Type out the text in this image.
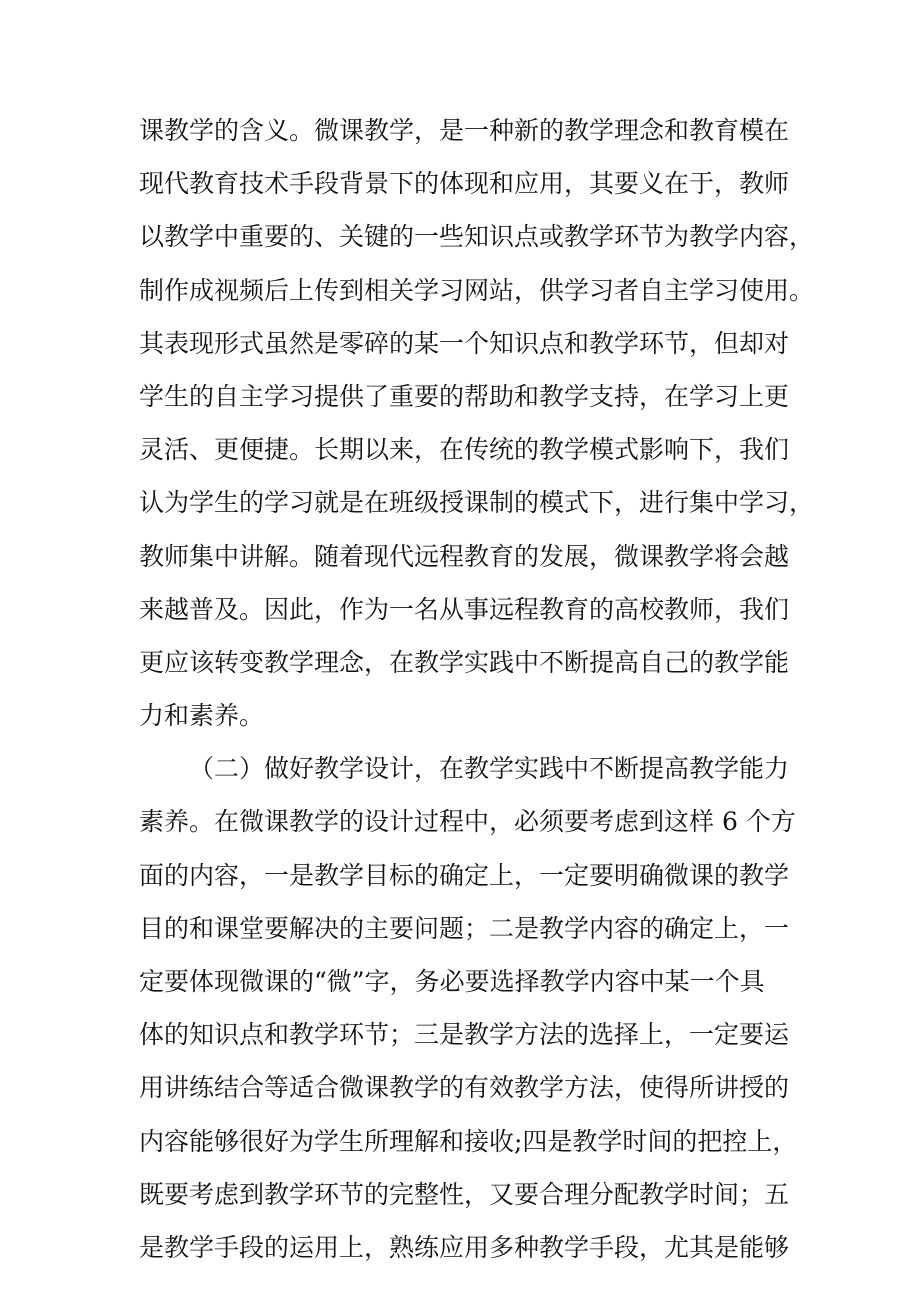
课教学的含义。微课教学，是一种新的教学理念和教育模在
现代教育技术手段背景下的体现和应用，其要义在于，教师
以教学中重要的、关键的一些知识点或教学环节为教学内容，
制作成视频后上传到相关学习网站，供学习者自主学习使用。
其表现形式虽然是零碎的某一个知识点和教学环节，但却对
学生的自主学习提供了重要的帮助和教学支持，在学习上更
灵活、更便捷。长期以来，在传统的教学模式影响下，我们
认为学生的学习就是在班级授课制的模式下，进行集中学习，
教师集中讲解。随着现代远程教育的发展，微课教学将会越
来越普及。因此，作为一名从事远程教育的高校教师，我们
更应该转变教学理念，在教学实践中不断提高自己的教学能
力和素养。
（二）做好教学设计，在教学实践中不断提高教学能力
素养。在微课教学的设计过程中，必须要考虑到这样 6 个方
面的内容，一是教学目标的确定上，一定要明确微课的教学
目的和课堂要解决的主要问题；二是教学内容的确定上，一
定要体现微课的“微”字，务必要选择教学内容中某一个具
体的知识点和教学环节；三是教学方法的选择上，一定要运
用讲练结合等适合微课教学的有效教学方法，使得所讲授的
内容能够很好为学生所理解和接收;四是教学时间的把控上，
既要考虑到教学环节的完整性，又要合理分配教学时间；五
是教学手段的运用上，熟练应用多种教学手段，尤其是能够
